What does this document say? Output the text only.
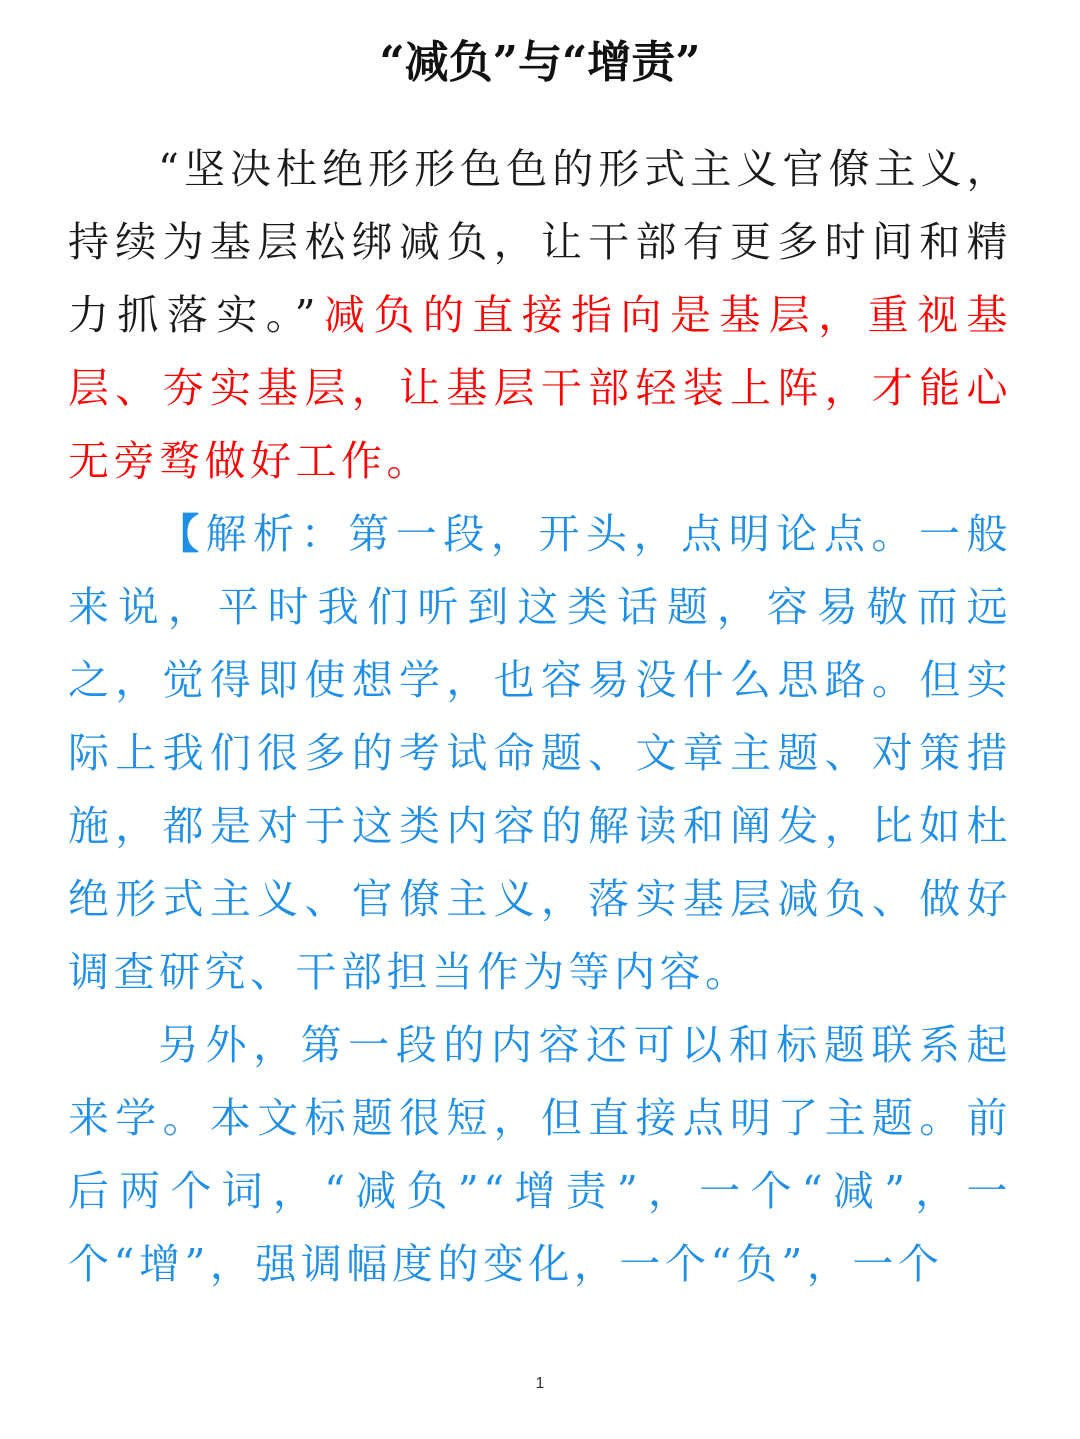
“减负”与“增责”

“坚决杜绝形形色色的形式主义官僚主义，持续为基层松绑减负，让干部有更多时间和精力抓落实。”减负的直接指向是基层，重视基层、夯实基层，让基层干部轻装上阵，才能心无旁骛做好工作。

【解析：第一段，开头，点明论点。一般来说，平时我们听到这类话题，容易敬而远之，觉得即使想学，也容易没什么思路。但实际上我们很多的考试命题、文章主题、对策措施，都是对于这类内容的解读和阐发，比如杜绝形式主义、官僚主义，落实基层减负、做好调查研究、干部担当作为等内容。

另外，第一段的内容还可以和标题联系起来学。本文标题很短，但直接点明了主题。前后两个词，“减负”“增责”，一个“减”，一个“增”，强调幅度的变化，一个“负”，一个

1
